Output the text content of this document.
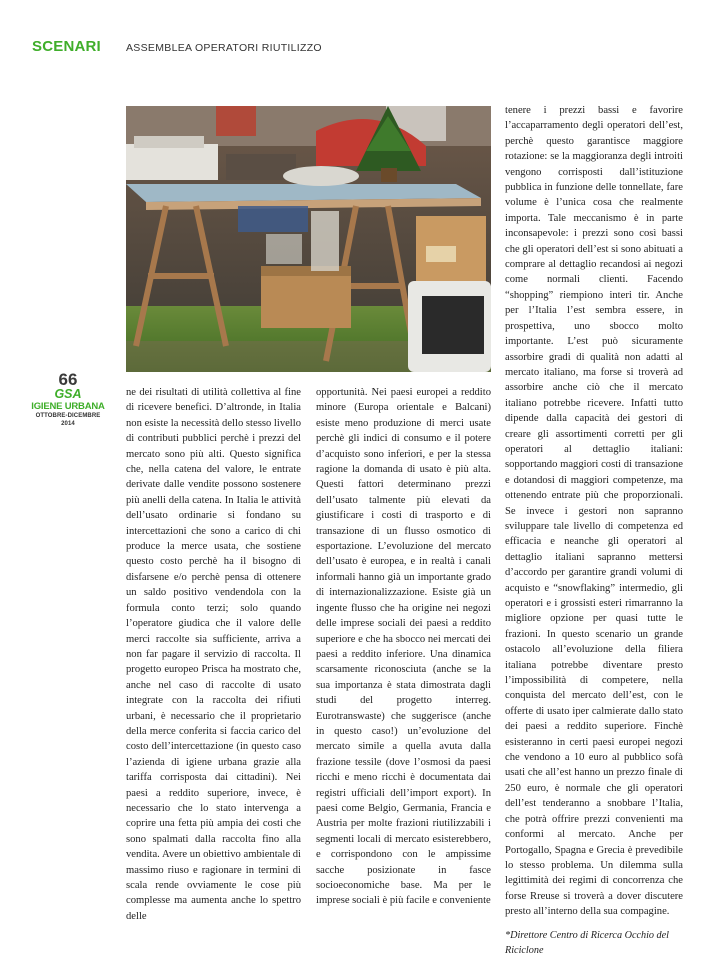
SCENARI ASSEMBLEA OPERATORI RIUTILIZZO
66
GSA
IGIENE URBANA
OTTOBRE-DICEMBRE 2014

ne dei risultati di utilità collettiva al fine di ricevere benefici. D’altronde, in Italia non esiste la necessità dello stesso livello di contributi pubblici perchè i prezzi del mercato sono più alti. Questo significa che, nella catena del valore, le entrate derivate dalle vendite possono sostenere più anelli della catena. In Italia le attività dell’usato ordinarie si fondano su intercettazioni che sono a carico di chi produce la merce usata, che sostiene questo costo perchè ha il bisogno di disfarsene e/o perchè pensa di ottenere un saldo positivo vendendola con la formula conto terzi; solo quando l’operatore giudica che il valore delle merci raccolte sia sufficiente, arriva a non far pagare il servizio di raccolta. Il progetto europeo Prisca ha mostrato che, anche nel caso di raccolte di usato integrate con la raccolta dei rifiuti urbani, è necessario che il proprietario della merce conferita si faccia carico del costo dell’intercettazione (in questo caso l’azienda di igiene urbana grazie alla tariffa corrisposta dai cittadini). Nei paesi a reddito superiore, invece, è necessario che lo stato intervenga a coprire una fetta più ampia dei costi che sono spalmati dalla raccolta fino alla vendita. Avere un obiettivo ambientale di massimo riuso e ragionare in termini di scala rende ovviamente le cose più complesse ma aumenta anche lo spettro delle

opportunità. Nei paesi europei a reddito minore (Europa orientale e Balcani) esiste meno produzione di merci usate perchè gli indici di consumo e il potere d’acquisto sono inferiori, e per la stessa ragione la domanda di usato è più alta. Questi fattori determinano prezzi dell’usato talmente più elevati da giustificare i costi di trasporto e di transazione di un flusso osmotico di esportazione. L’evoluzione del mercato dell’usato è europea, e in realtà i canali informali hanno già un importante grado di internazionalizzazione. Esiste già un ingente flusso che ha origine nei negozi delle imprese sociali dei paesi a reddito superiore e che ha sbocco nei mercati dei paesi a reddito inferiore. Una dinamica scarsamente riconosciuta (anche se la sua importanza è stata dimostrata dagli studi del progetto interreg. Eurotranswaste) che suggerisce (anche in questo caso!) un’evoluzione del mercato simile a quella avuta dalla frazione tessile (dove l’osmosi da paesi ricchi e meno ricchi è documentata dai registri ufficiali dell’import export). In paesi come Belgio, Germania, Francia e Austria per molte frazioni riutilizzabili i segmenti locali di mercato esisterebbero, e corrispondono con le ampissime sacche posizionate in fasce socioeconomiche base. Ma per le imprese sociali è più facile e conveniente

tenere i prezzi bassi e favorire l’accaparramento degli operatori dell’est, perchè questo garantisce maggiore rotazione: se la maggioranza degli introiti vengono corrisposti dall’istituzione pubblica in funzione delle tonnellate, fare volume è l’unica cosa che realmente importa. Tale meccanismo è in parte inconsapevole: i prezzi sono così bassi che gli operatori dell’est si sono abituati a comprare al dettaglio recandosi ai negozi come normali clienti. Facendo “shopping” riempiono interi tir. Anche per l’Italia l’est sembra essere, in prospettiva, uno sbocco molto importante. L’est può sicuramente assorbire gradi di qualità non adatti al mercato italiano, ma forse si troverà ad assorbire anche ciò che il mercato italiano potrebbe ricevere. Infatti tutto dipende dalla capacità dei gestori di creare gli assortimenti corretti per gli operatori al dettaglio italiani: sopportando maggiori costi di transazione e dotandosi di maggiori competenze, ma ottenendo entrate più che proporzionali. Se invece i gestori non sapranno sviluppare tale livello di competenza ed efficacia e neanche gli operatori al dettaglio italiani sapranno mettersi d’accordo per garantire grandi volumi di acquisto e “snowflaking” intermedio, gli operatori e i grossisti esteri rimarranno la migliore opzione per quasi tutte le frazioni. In questo scenario un grande ostacolo all’evoluzione della filiera italiana potrebbe diventare presto l’impossibilità di competere, nella conquista del mercato dell’est, con le offerte di usato iper calmierate dallo stato dei paesi a reddito superiore. Finchè esisteranno in certi paesi europei negozi che vendono a 10 euro al pubblico sofà usati che all’est hanno un prezzo finale di 250 euro, è normale che gli operatori dell’est tenderanno a snobbare l’Italia, che potrà offrire prezzi convenienti ma conformi al mercato. Anche per Portogallo, Spagna e Grecia è prevedibile lo stesso problema. Un dilemma sulla legittimità dei regimi di concorrenza che forse Rreuse si troverà a dover discutere presto all’interno della sua compagine.

*Direttore Centro di Ricerca Occhio del Riciclone
